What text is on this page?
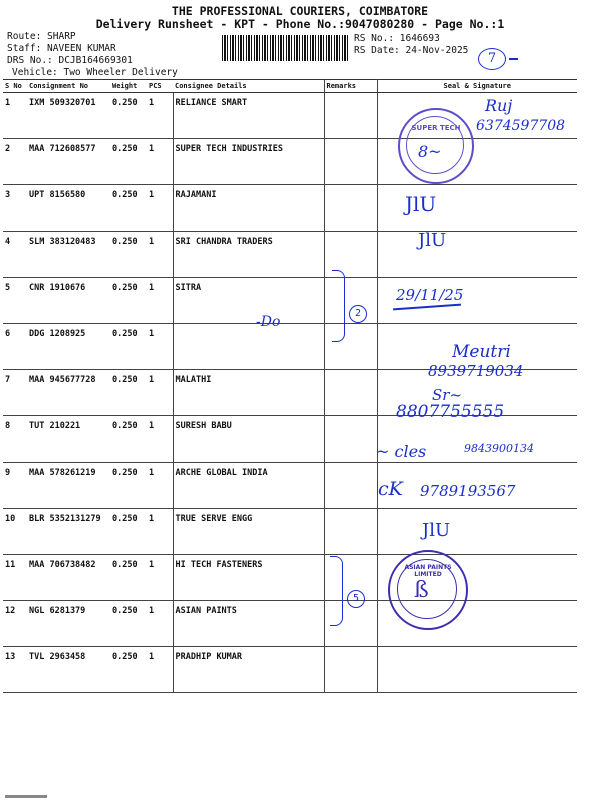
THE PROFESSIONAL COURIERS, COIMBATORE
Delivery Runsheet - KPT - Phone No.:9047080280 - Page No.:1
Route: SHARP
Staff: NAVEEN KUMAR
DRS No.: DCJB164669301
Vehicle: Two Wheeler Delivery
RS No.: 1646693
RS Date: 24-Nov-2025
7
S No	Consignment No	Weight	PCS	Consignee Details	Remarks	Seal & Signature
1	IXM 509320701	0.250	1	RELIANCE SMART		
2	MAA 712608577	0.250	1	SUPER TECH INDUSTRIES		
3	UPT 8156580	0.250	1	RAJAMANI		
4	SLM 383120483	0.250	1	SRI CHANDRA TRADERS		
5	CNR 1910676	0.250	1	SITRA		
6	DDG 1208925	0.250	1			
7	MAA 945677728	0.250	1	MALATHI		
8	TUT 210221	0.250	1	SURESH BABU		
9	MAA 578261219	0.250	1	ARCHE GLOBAL INDIA		
10	BLR 5352131279	0.250	1	TRUE SERVE ENGG		
11	MAA 706738482	0.250	1	HI TECH FASTENERS		
12	NGL 6281379	0.250	1	ASIAN PAINTS		
13	TVL 2963458	0.250	1	PRADHIP KUMAR		
Ruj
6374597708
SUPER TECH
8~
JlU
JlU
2
29/11/25
-Do
Meutri
8939719034
Sr~
8807755555
~ cles	9843900134
cK 9789193567
JlU
5
ASIAN PAINTS LIMITED
ß
